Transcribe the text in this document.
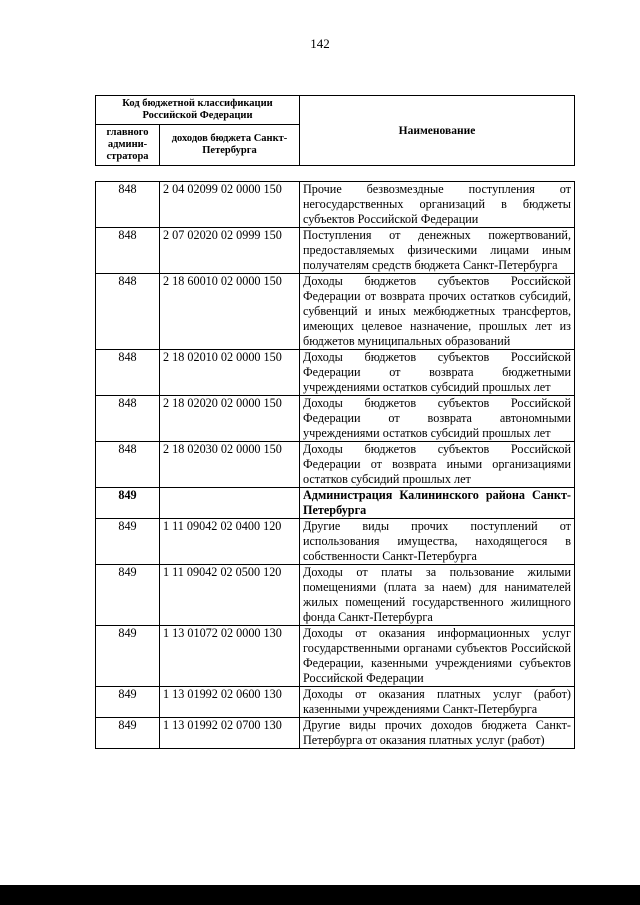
142
Код бюджетной классификации Российской Федерации		Наименование
главного админи-стратора	доходов бюджета Санкт-Петербурга	
848	2 04 02099 02 0000 150	Прочие безвозмездные поступления от негосударственных организаций в бюджеты субъектов Российской Федерации
848	2 07 02020 02 0999 150	Поступления от денежных пожертвований, предоставляемых физическими лицами иным получателям средств бюджета Санкт-Петербурга
848	2 18 60010 02 0000 150	Доходы бюджетов субъектов Российской Федерации от возврата прочих остатков субсидий, субвенций и иных межбюджетных трансфертов, имеющих целевое назначение, прошлых лет из бюджетов муниципальных образований
848	2 18 02010 02 0000 150	Доходы бюджетов субъектов Российской Федерации от возврата бюджетными учреждениями остатков субсидий прошлых лет
848	2 18 02020 02 0000 150	Доходы бюджетов субъектов Российской Федерации от возврата автономными учреждениями остатков субсидий прошлых лет
848	2 18 02030 02 0000 150	Доходы бюджетов субъектов Российской Федерации от возврата иными организациями остатков субсидий прошлых лет
849		Администрация Калининского района Санкт-Петербурга
849	1 11 09042 02 0400 120	Другие виды прочих поступлений от использования имущества, находящегося в собственности Санкт-Петербурга
849	1 11 09042 02 0500 120	Доходы от платы за пользование жилыми помещениями (плата за наем) для нанимателей жилых помещений государственного жилищного фонда Санкт-Петербурга
849	1 13 01072 02 0000 130	Доходы от оказания информационных услуг государственными органами субъектов Российской Федерации, казенными учреждениями субъектов Российской Федерации
849	1 13 01992 02 0600 130	Доходы от оказания платных услуг (работ) казенными учреждениями Санкт-Петербурга
849	1 13 01992 02 0700 130	Другие виды прочих доходов бюджета Санкт-Петербурга от оказания платных услуг (работ)
